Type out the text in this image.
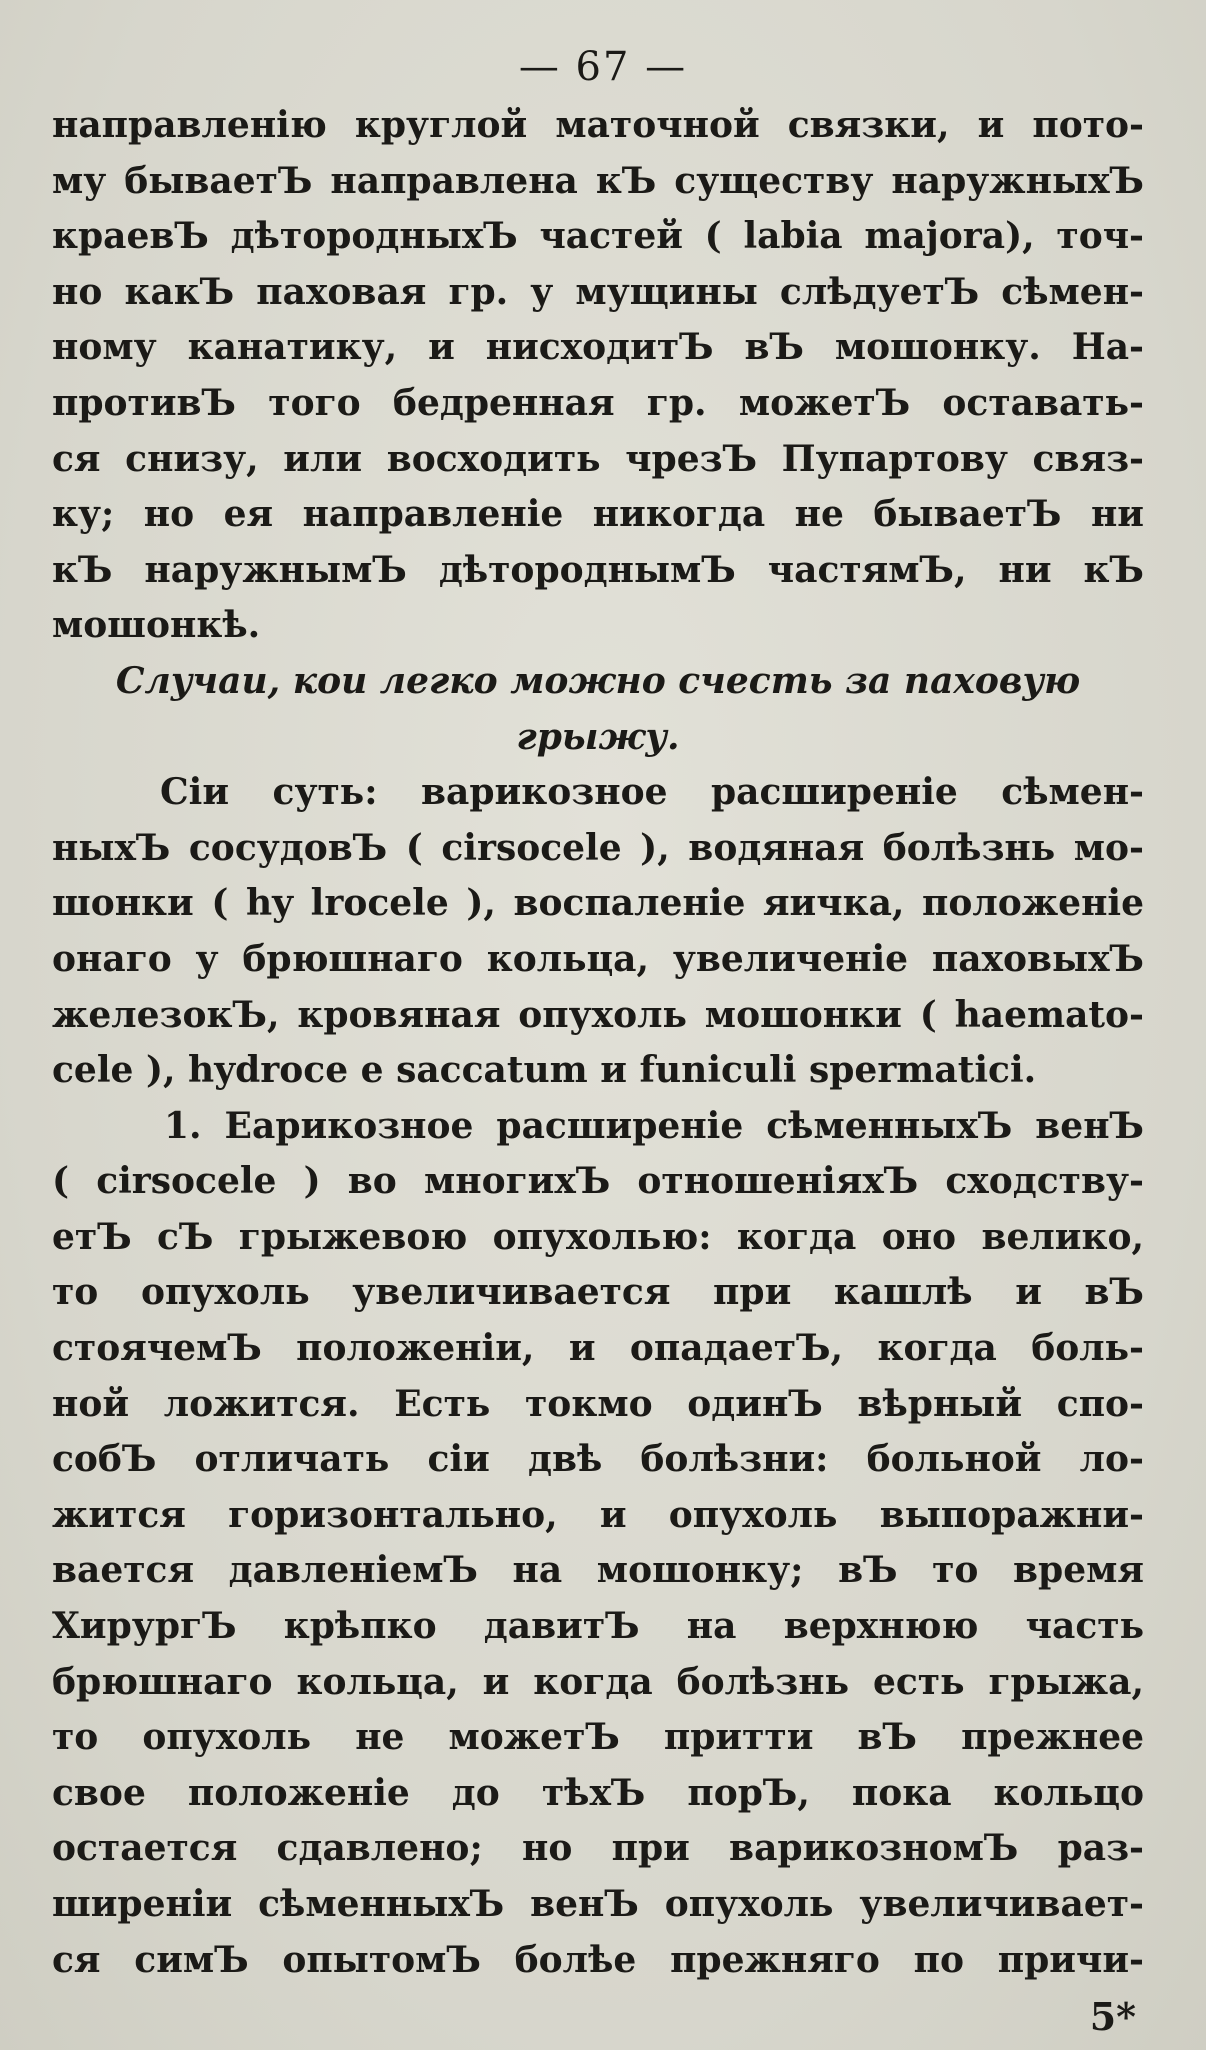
— 67 —
направленію круглой маточной связки, и пото-
му бываетЪ направлена кЪ существу наружныхЪ
краевЪ дѣтородныхЪ частей ( labia majora), точ-
но какЪ паховая гр. у мущины слѣдуетЪ сѣмен-
ному канатику, и нисходитЪ вЪ мошонку. На-
противЪ того бедренная гр. можетЪ оставать-
ся снизу, или восходить чрезЪ Пупартову связ-
ку; но ея направленіе никогда не бываетЪ ни
кЪ наружнымЪ дѣтороднымЪ частямЪ, ни кЪ
мошонкѣ.
Случаи, кои легко можно счесть за паховую
грыжу.
Сіи суть: варикозное расширеніе сѣмен-
ныхЪ сосудовЪ ( cirsocele ), водяная болѣзнь мо-
шонки ( hy lrocele ), воспаленіе яичка, положеніе
онаго у брюшнаго кольца, увеличеніе паховыхЪ
железокЪ, кровяная опухоль мошонки ( haemato-
cele ), hydroce e saccatum и funiculi spermatici.
1. Eарикозное расширеніе сѣменныхЪ венЪ
( cirsocele ) во многихЪ отношеніяхЪ сходству-
етЪ сЪ грыжевою опухолью: когда оно велико,
то опухоль увеличивается при кашлѣ и вЪ
стоячемЪ положеніи, и опадаетЪ, когда боль-
ной ложится. Есть токмо одинЪ вѣрный спо-
собЪ отличать сіи двѣ болѣзни: больной ло-
жится горизонтально, и опухоль выпоражни-
вается давленіемЪ на мошонку; вЪ то время
ХирургЪ крѣпко давитЪ на верхнюю часть
брюшнаго кольца, и когда болѣзнь есть грыжа,
то опухоль не можетЪ притти вЪ прежнее
свое положеніе до тѣхЪ порЪ, пока кольцо
остается сдавлено; но при варикозномЪ раз-
ширеніи сѣменныхЪ венЪ опухоль увеличивает-
ся симЪ опытомЪ болѣе прежняго по причи-
5*
